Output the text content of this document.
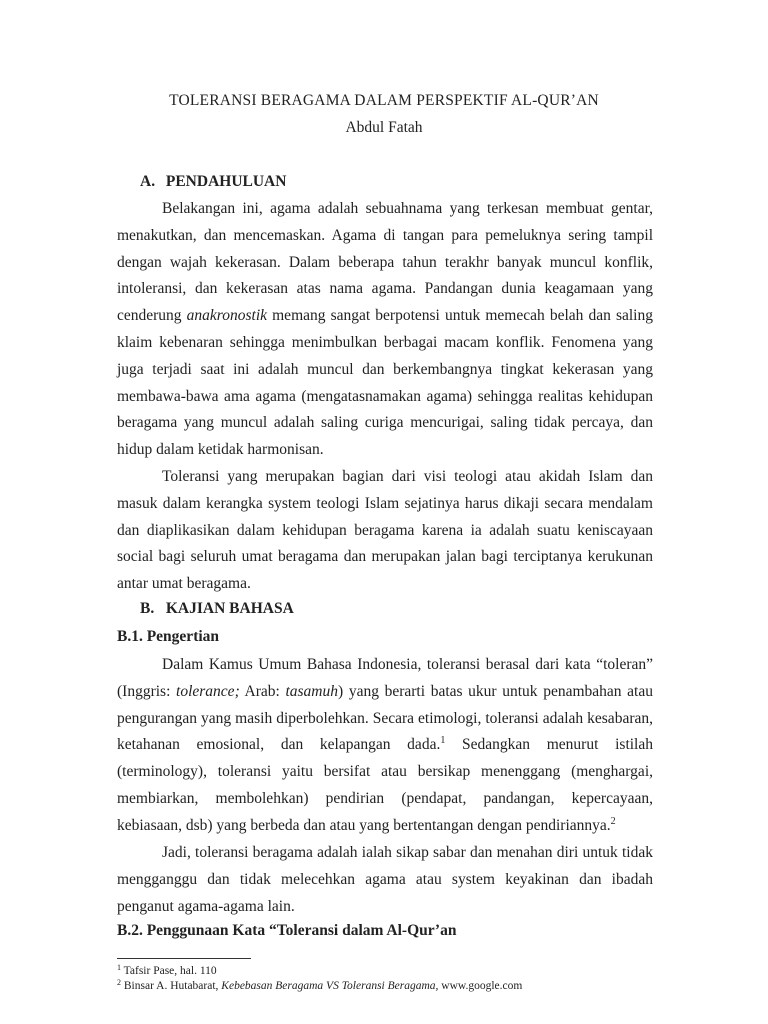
TOLERANSI BERAGAMA DALAM PERSPEKTIF AL-QUR’AN
Abdul Fatah
A. PENDAHULUAN
Belakangan ini, agama adalah sebuahnama yang terkesan membuat gentar,
menakutkan, dan mencemaskan. Agama di tangan para pemeluknya sering tampil
dengan wajah kekerasan. Dalam beberapa tahun terakhr banyak muncul konflik,
intoleransi, dan kekerasan atas nama agama. Pandangan dunia keagamaan yang
cenderung anakronostik memang sangat berpotensi untuk memecah belah dan saling
klaim kebenaran sehingga menimbulkan berbagai macam konflik. Fenomena yang
juga terjadi saat ini adalah muncul dan berkembangnya tingkat kekerasan yang
membawa-bawa ama agama (mengatasnamakan agama) sehingga realitas kehidupan
beragama yang muncul adalah saling curiga mencurigai, saling tidak percaya, dan
hidup dalam ketidak harmonisan.
Toleransi yang merupakan bagian dari visi teologi atau akidah Islam dan
masuk dalam kerangka system teologi Islam sejatinya harus dikaji secara mendalam
dan diaplikasikan dalam kehidupan beragama karena ia adalah suatu keniscayaan
social bagi seluruh umat beragama dan merupakan jalan bagi terciptanya kerukunan
antar umat beragama.
B. KAJIAN BAHASA
B.1. Pengertian
Dalam Kamus Umum Bahasa Indonesia, toleransi berasal dari kata “toleran”
(Inggris: tolerance; Arab: tasamuh) yang berarti batas ukur untuk penambahan atau
pengurangan yang masih diperbolehkan. Secara etimologi, toleransi adalah kesabaran,
ketahanan emosional, dan kelapangan dada.$^1$ Sedangkan menurut istilah
(terminology), toleransi yaitu bersifat atau bersikap menenggang (menghargai,
membiarkan, membolehkan) pendirian (pendapat, pandangan, kepercayaan,
kebiasaan, dsb) yang berbeda dan atau yang bertentangan dengan pendiriannya.$^2$
Jadi, toleransi beragama adalah ialah sikap sabar dan menahan diri untuk tidak
mengganggu dan tidak melecehkan agama atau system keyakinan dan ibadah
penganut agama-agama lain.
B.2. Penggunaan Kata “Toleransi dalam Al-Qur’an
$^1$ Tafsir Pase, hal. 110
$^2$ Binsar A. Hutabarat, Kebebasan Beragama VS Toleransi Beragama, www.google.com
